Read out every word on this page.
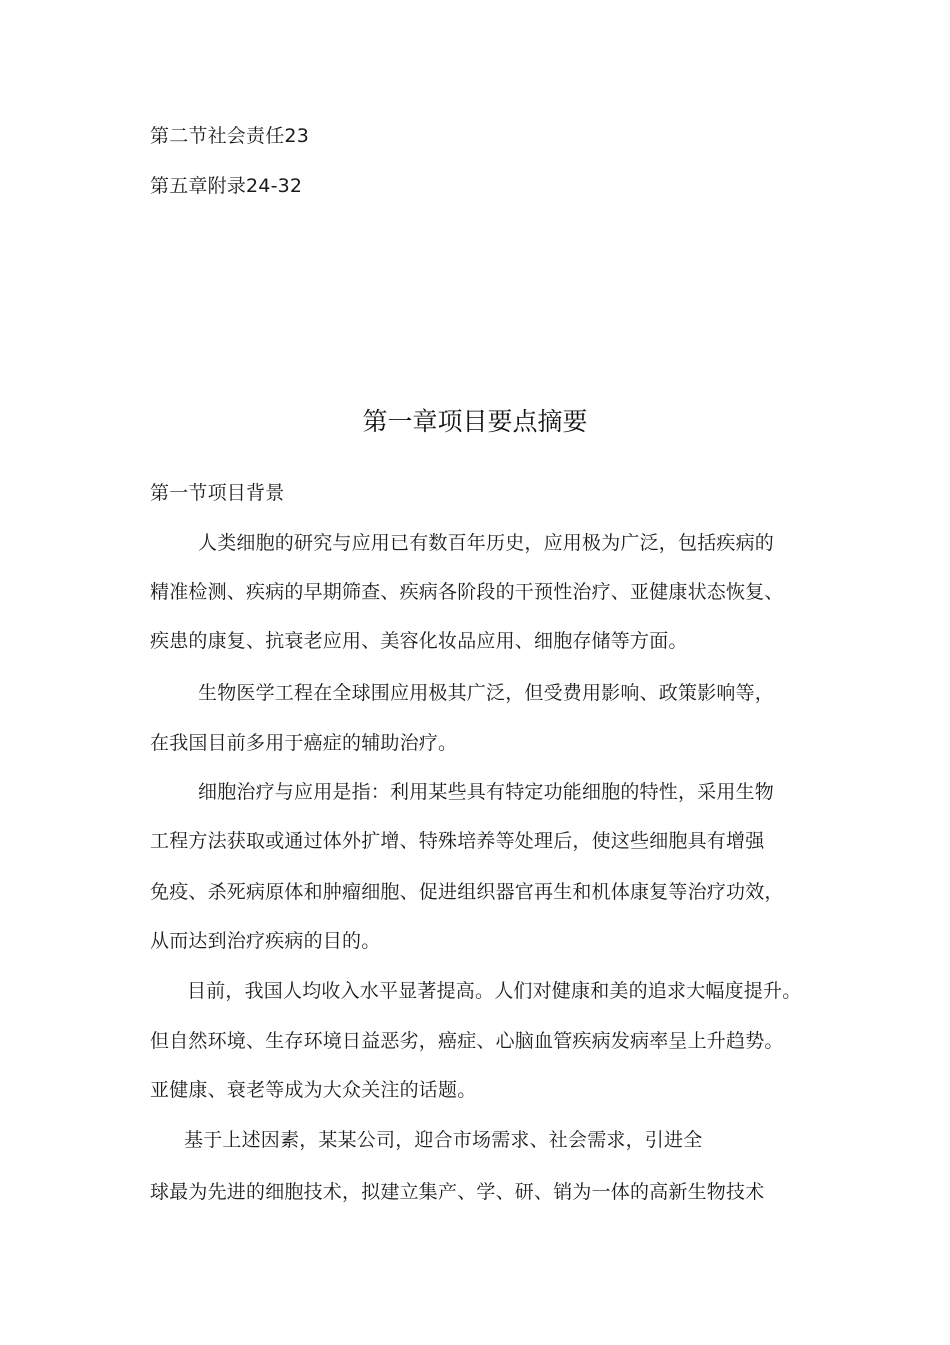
第二节社会责任23
第五章附录24-32
第一章项目要点摘要
第一节项目背景
人类细胞的研究与应用已有数百年历史，应用极为广泛，包括疾病的
精准检测、疾病的早期筛查、疾病各阶段的干预性治疗、亚健康状态恢复、
疾患的康复、抗衰老应用、美容化妆品应用、细胞存储等方面。
生物医学工程在全球围应用极其广泛，但受费用影响、政策影响等，
在我国目前多用于癌症的辅助治疗。
细胞治疗与应用是指：利用某些具有特定功能细胞的特性，采用生物
工程方法获取或通过体外扩增、特殊培养等处理后，使这些细胞具有增强
免疫、杀死病原体和肿瘤细胞、促进组织器官再生和机体康复等治疗功效，
从而达到治疗疾病的目的。
目前，我国人均收入水平显著提高。人们对健康和美的追求大幅度提升。
但自然环境、生存环境日益恶劣，癌症、心脑血管疾病发病率呈上升趋势。
亚健康、衰老等成为大众关注的话题。
基于上述因素，某某公司，迎合市场需求、社会需求，引进全
球最为先进的细胞技术，拟建立集产、学、研、销为一体的高新生物技术
